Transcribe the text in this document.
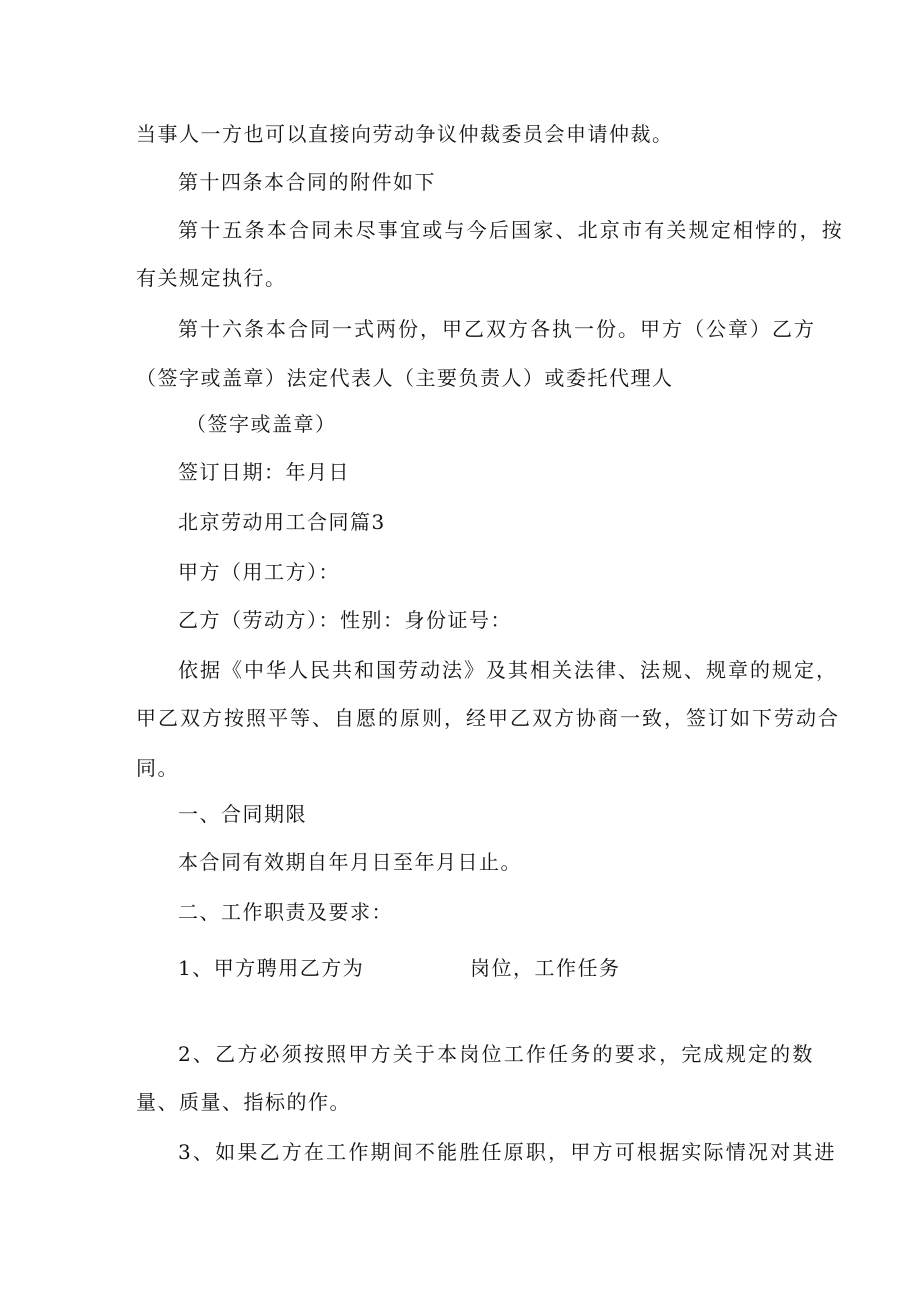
当事人一方也可以直接向劳动争议仲裁委员会申请仲裁。
第十四条本合同的附件如下
第十五条本合同未尽事宜或与今后国家、北京市有关规定相悖的，按
有关规定执行。
第十六条本合同一式两份，甲乙双方各执一份。甲方（公章）乙方
（签字或盖章）法定代表人（主要负责人）或委托代理人
（签字或盖章）
签订日期：年月日
北京劳动用工合同篇3
甲方（用工方）：
乙方（劳动方）：性别：身份证号：
依据《中华人民共和国劳动法》及其相关法律、法规、规章的规定，
甲乙双方按照平等、自愿的原则，经甲乙双方协商一致，签订如下劳动合
同。
一、合同期限
本合同有效期自年月日至年月日止。
二、工作职责及要求：
1、甲方聘用乙方为	岗位，工作任务
2、乙方必须按照甲方关于本岗位工作任务的要求，完成规定的数
量、质量、指标的作。
3、如果乙方在工作期间不能胜任原职，甲方可根据实际情况对其进
